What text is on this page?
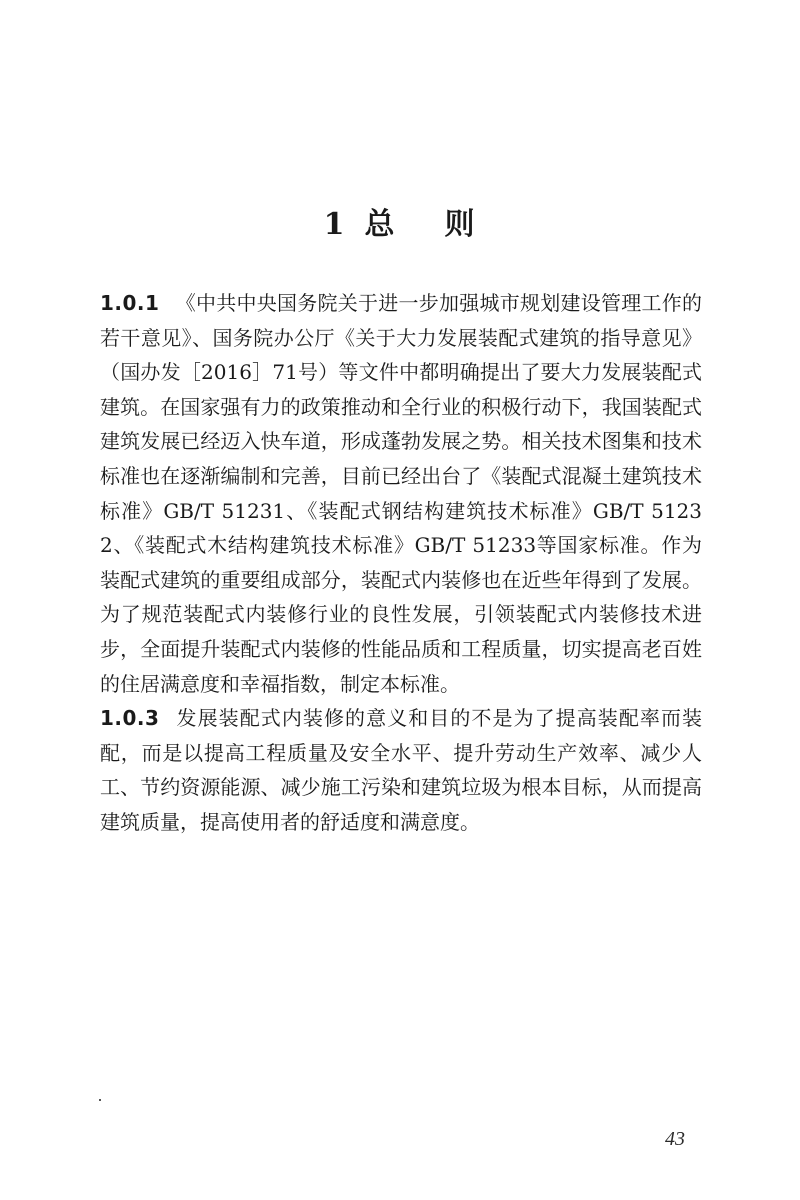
1 总 则

1.0.1 《中共中央国务院关于进一步加强城市规划建设管理工作的若干意见》、国务院办公厅《关于大力发展装配式建筑的指导意见》（国办发［2016］71号）等文件中都明确提出了要大力发展装配式建筑。在国家强有力的政策推动和全行业的积极行动下，我国装配式建筑发展已经迈入快车道，形成蓬勃发展之势。相关技术图集和技术标准也在逐渐编制和完善，目前已经出台了《装配式混凝土建筑技术标准》GB/T 51231、《装配式钢结构建筑技术标准》GB/T 51232、《装配式木结构建筑技术标准》GB/T 51233等国家标准。作为装配式建筑的重要组成部分，装配式内装修也在近些年得到了发展。为了规范装配式内装修行业的良性发展，引领装配式内装修技术进步，全面提升装配式内装修的性能品质和工程质量，切实提高老百姓的住居满意度和幸福指数，制定本标准。

1.0.3 发展装配式内装修的意义和目的不是为了提高装配率而装配，而是以提高工程质量及安全水平、提升劳动生产效率、减少人工、节约资源能源、减少施工污染和建筑垃圾为根本目标，从而提高建筑质量，提高使用者的舒适度和满意度。

43
